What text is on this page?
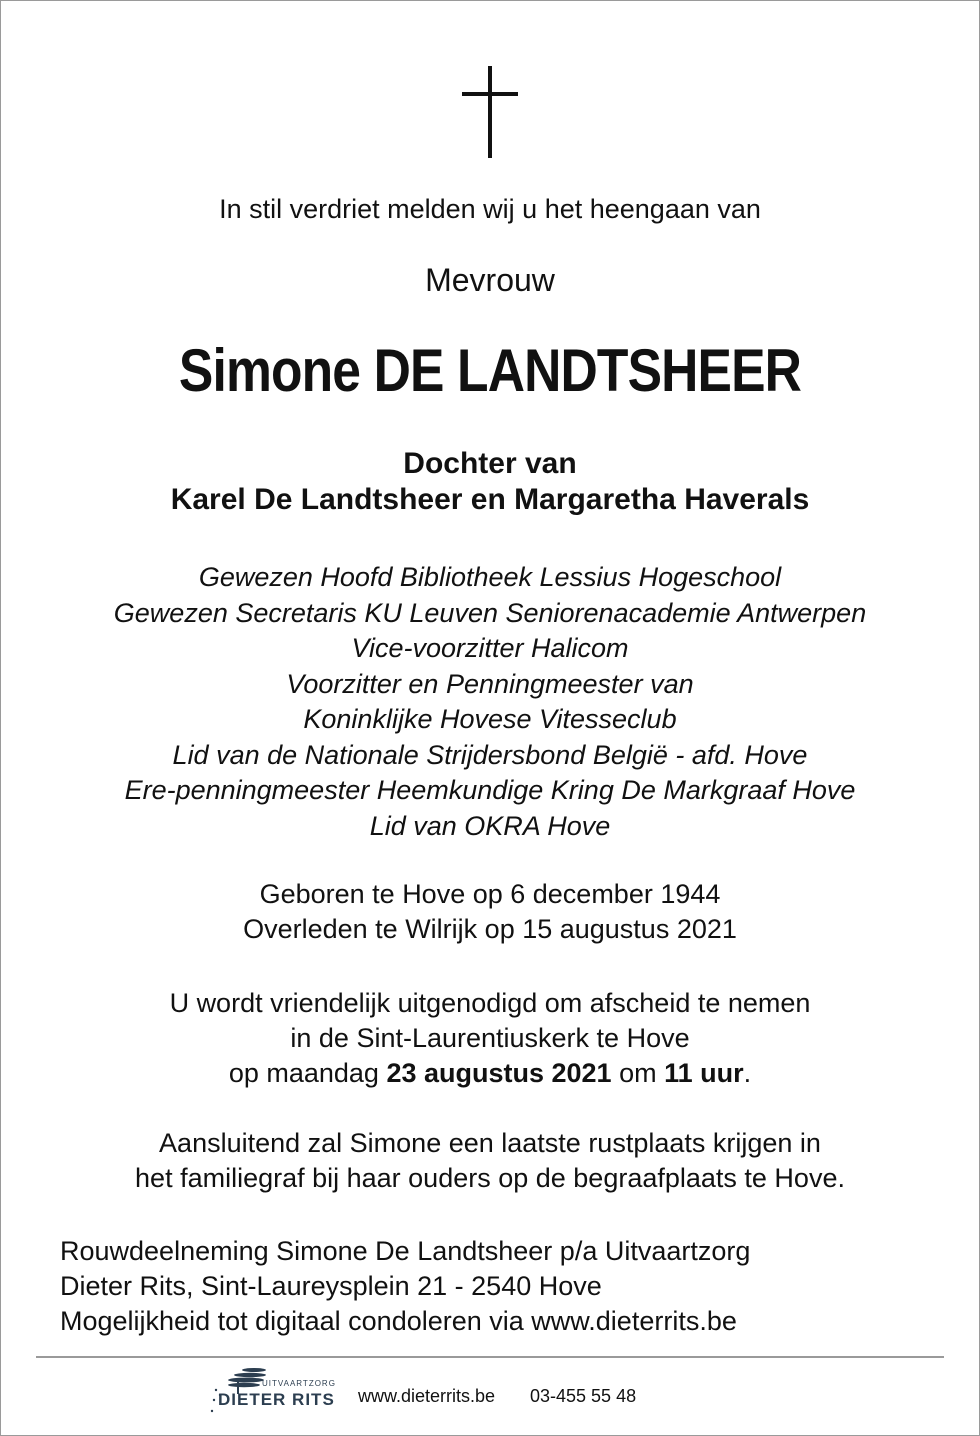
In stil verdriet melden wij u het heengaan van
Mevrouw
Simone DE LANDTSHEER
Dochter van
Karel De Landtsheer en Margaretha Haverals
Gewezen Hoofd Bibliotheek Lessius Hogeschool
Gewezen Secretaris KU Leuven Seniorenacademie Antwerpen
Vice-voorzitter Halicom
Voorzitter en Penningmeester van
Koninklijke Hovese Vitesseclub
Lid van de Nationale Strijdersbond België - afd. Hove
Ere-penningmeester Heemkundige Kring De Markgraaf Hove
Lid van OKRA Hove
Geboren te Hove op 6 december 1944
Overleden te Wilrijk op 15 augustus 2021
U wordt vriendelijk uitgenodigd om afscheid te nemen
in de Sint-Laurentiuskerk te Hove
op maandag 23 augustus 2021 om 11 uur.
Aansluitend zal Simone een laatste rustplaats krijgen in
het familiegraf bij haar ouders op de begraafplaats te Hove.
Rouwdeelneming Simone De Landtsheer p/a Uitvaartzorg
Dieter Rits, Sint-Laureysplein 21 - 2540 Hove
Mogelijkheid tot digitaal condoleren via www.dieterrits.be
UITVAARTZORG
DIETER RITS www.dieterrits.be 03-455 55 48
